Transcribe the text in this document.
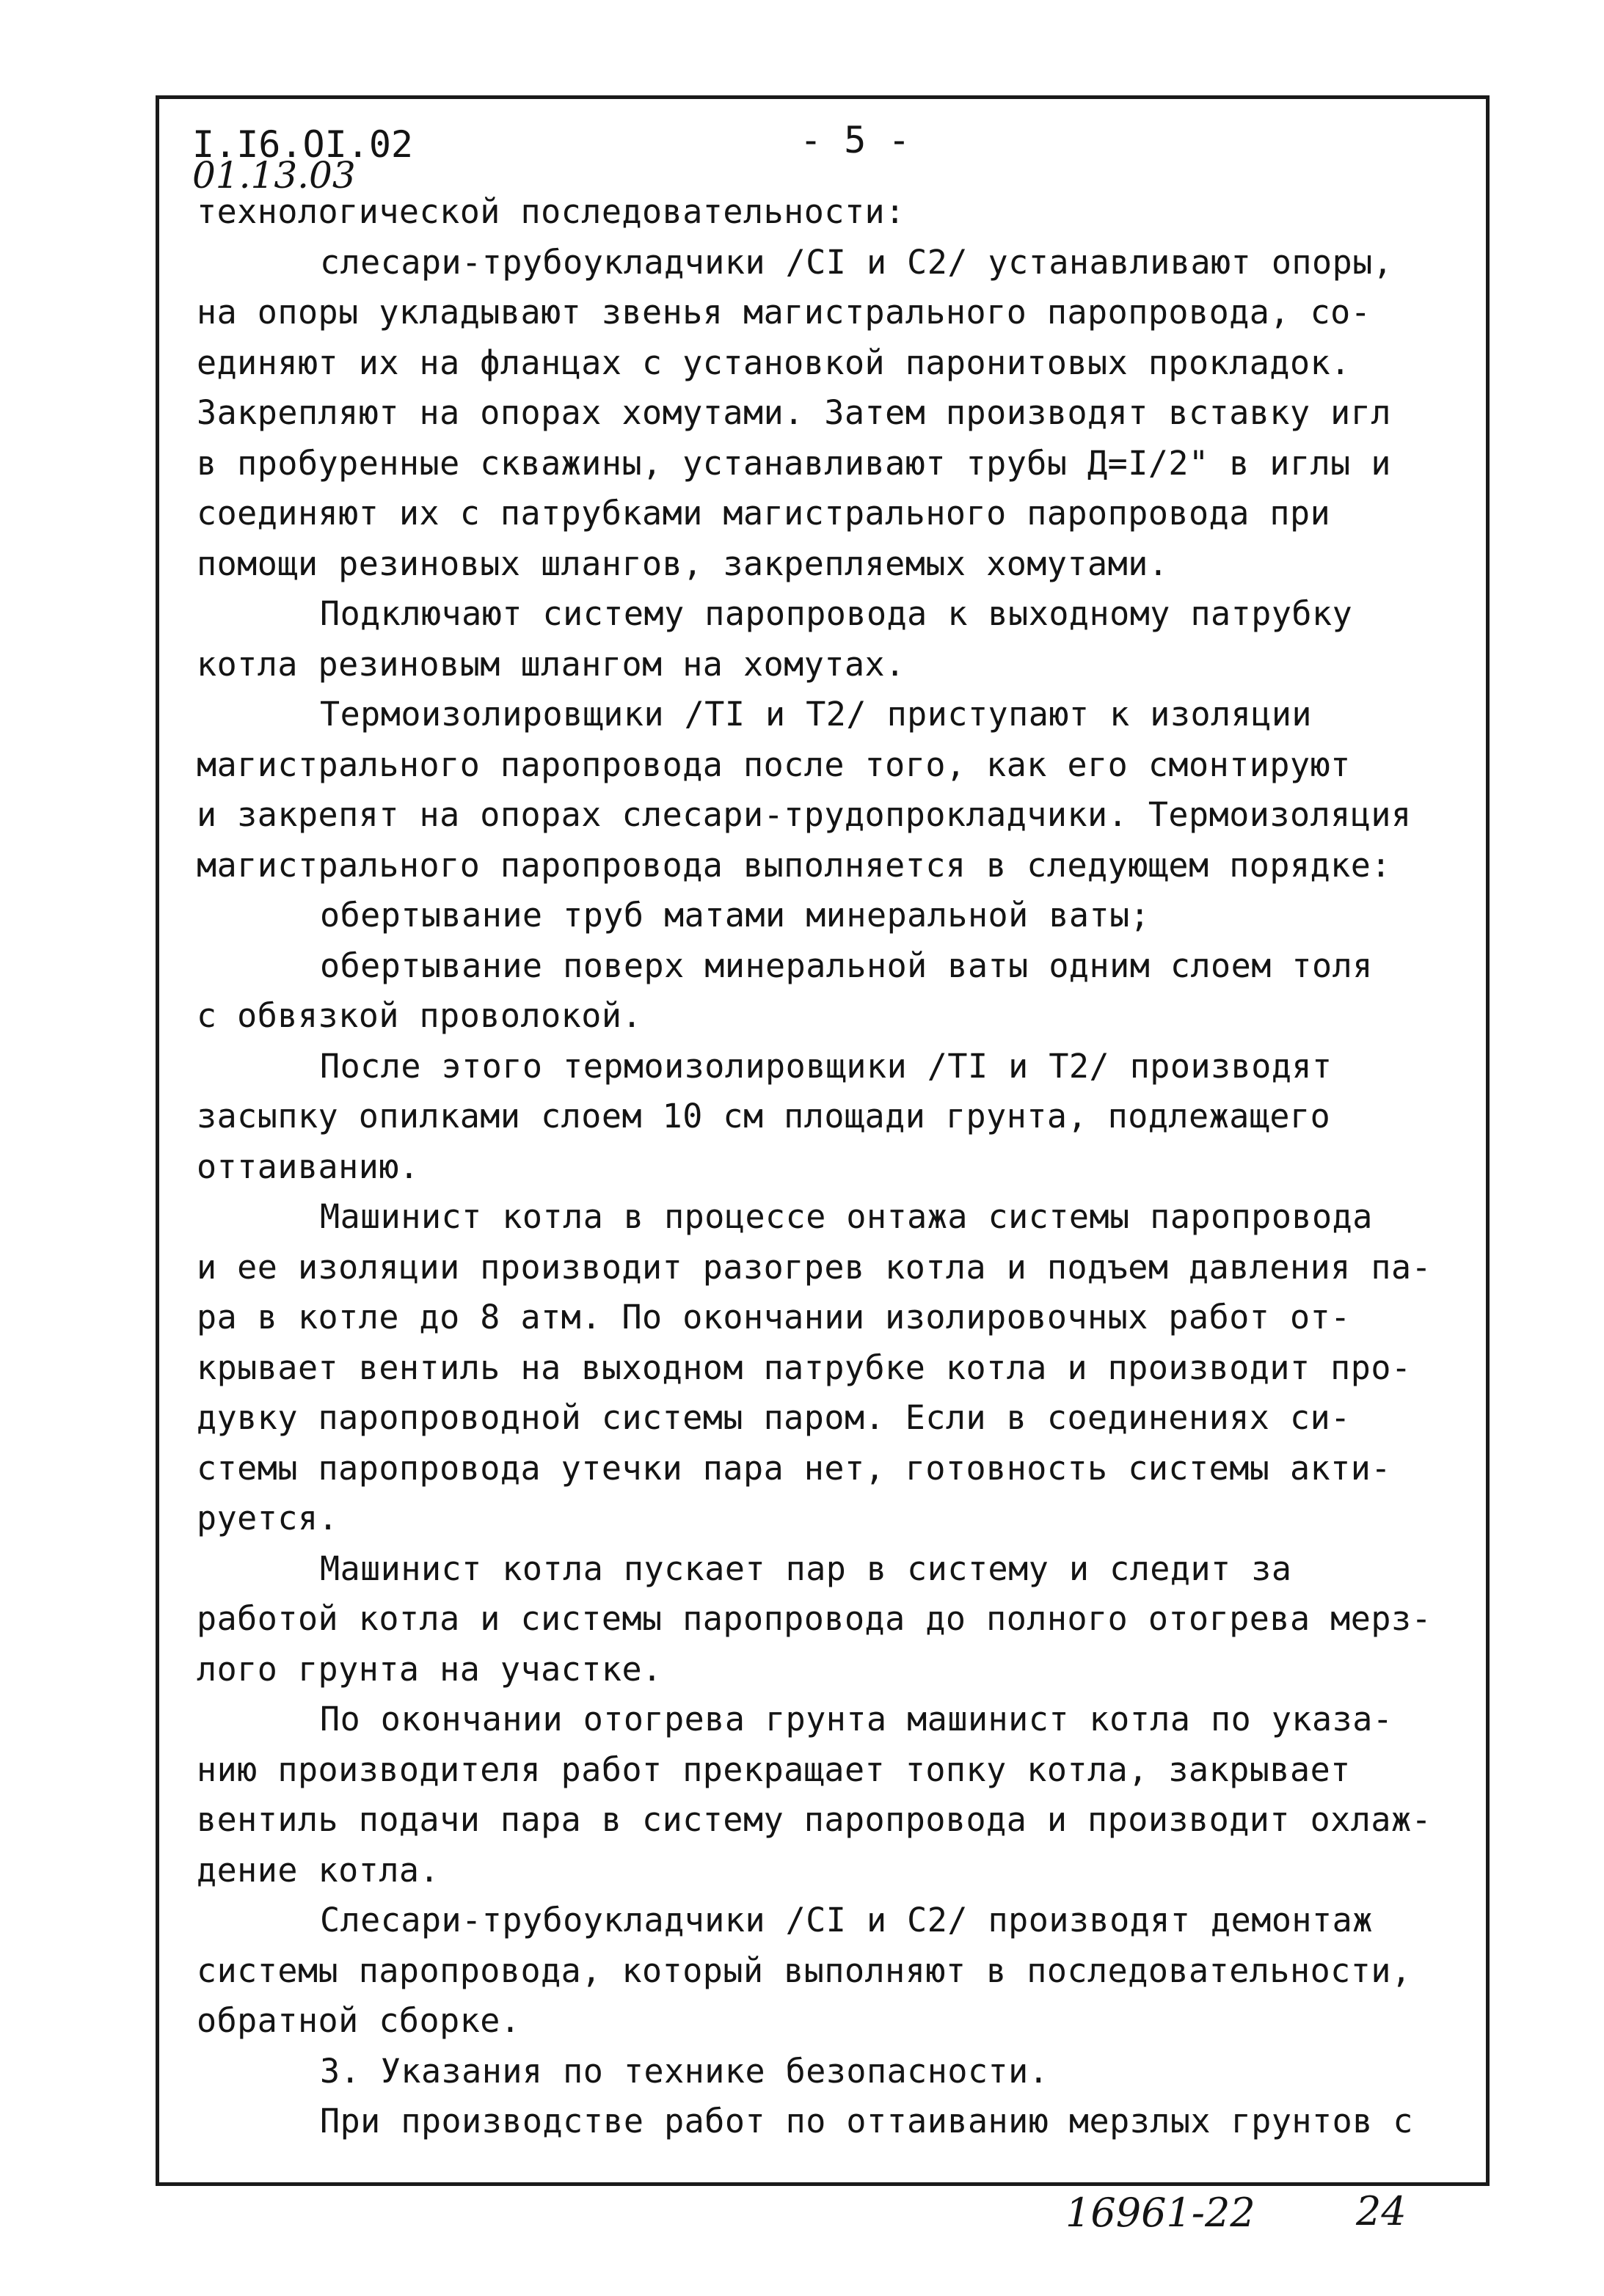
I.I6.OI.02	- 5 -
01.13.03

технологической последовательности:

слесари-трубоукладчики /CI и С2/ устанавливают опоры,

на опоры укладывают звенья магистрального паропровода, со-

единяют их на фланцах с установкой паронитовых прокладок.

Закрепляют на опорах хомутами. Затем производят вставку игл

в пробуренные скважины, устанавливают трубы Д=I/2" в иглы и

соединяют их с патрубками магистрального паропровода при

помощи резиновых шлангов, закрепляемых хомутами.

Подключают систему паропровода к выходному патрубку

котла резиновым шлангом на хомутах.

Термоизолировщики /TI и T2/ приступают к изоляции

магистрального паропровода после того, как его смонтируют

и закрепят на опорах слесари-трудопрокладчики. Термоизоляция

магистрального паропровода выполняется в следующем порядке:

обертывание труб матами минеральной ваты;

обертывание поверх минеральной ваты одним слоем толя

с обвязкой проволокой.

После этого термоизолировщики /TI и T2/ производят

засыпку опилками слоем 10 см площади грунта, подлежащего

оттаиванию.

Машинист котла в процессе онтажа системы паропровода

и ее изоляции производит разогрев котла и подъем давления па-

ра в котле до 8 атм. По окончании изолировочных работ от-

крывает вентиль на выходном патрубке котла и производит про-

дувку паропроводной системы паром. Если в соединениях си-

стемы паропровода утечки пара нет, готовность системы акти-

руется.

Машинист котла пускает пар в систему и следит за

работой котла и системы паропровода до полного отогрева мерз-

лого грунта на участке.

По окончании отогрева грунта машинист котла по указа-

нию производителя работ прекращает топку котла, закрывает

вентиль подачи пара в систему паропровода и производит охлаж-

дение котла.

Слесари-трубоукладчики /CI и С2/ производят демонтаж

системы паропровода, который выполняют в последовательности,

обратной сборке.

3. Указания по технике безопасности.

При производстве работ по оттаиванию мерзлых грунтов с

16961-22	24
